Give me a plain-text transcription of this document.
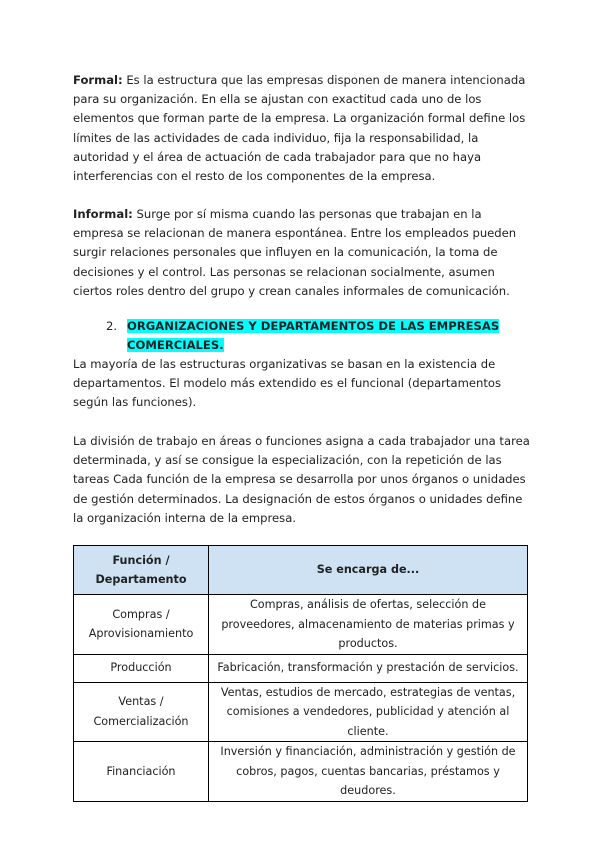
Formal: Es la estructura que las empresas disponen de manera intencionada para su organización. En ella se ajustan con exactitud cada uno de los elementos que forman parte de la empresa. La organización formal define los límites de las actividades de cada individuo, fija la responsabilidad, la autoridad y el área de actuación de cada trabajador para que no haya interferencias con el resto de los componentes de la empresa.

Informal: Surge por sí misma cuando las personas que trabajan en la empresa se relacionan de manera espontánea. Entre los empleados pueden surgir relaciones personales que influyen en la comunicación, la toma de decisiones y el control. Las personas se relacionan socialmente, asumen ciertos roles dentro del grupo y crean canales informales de comunicación.

2. ORGANIZACIONES Y DEPARTAMENTOS DE LAS EMPRESAS COMERCIALES.

La mayoría de las estructuras organizativas se basan en la existencia de departamentos. El modelo más extendido es el funcional (departamentos según las funciones).

La división de trabajo en áreas o funciones asigna a cada trabajador una tarea determinada, y así se consigue la especialización, con la repetición de las tareas Cada función de la empresa se desarrolla por unos órganos o unidades de gestión determinados. La designación de estos órganos o unidades define la organización interna de la empresa.

Función / Departamento	Se encarga de...
Compras / Aprovisionamiento	Compras, análisis de ofertas, selección de proveedores, almacenamiento de materias primas y productos.
Producción	Fabricación, transformación y prestación de servicios.
Ventas / Comercialización	Ventas, estudios de mercado, estrategias de ventas, comisiones a vendedores, publicidad y atención al cliente.
Financiación	Inversión y financiación, administración y gestión de cobros, pagos, cuentas bancarias, préstamos y deudores.
